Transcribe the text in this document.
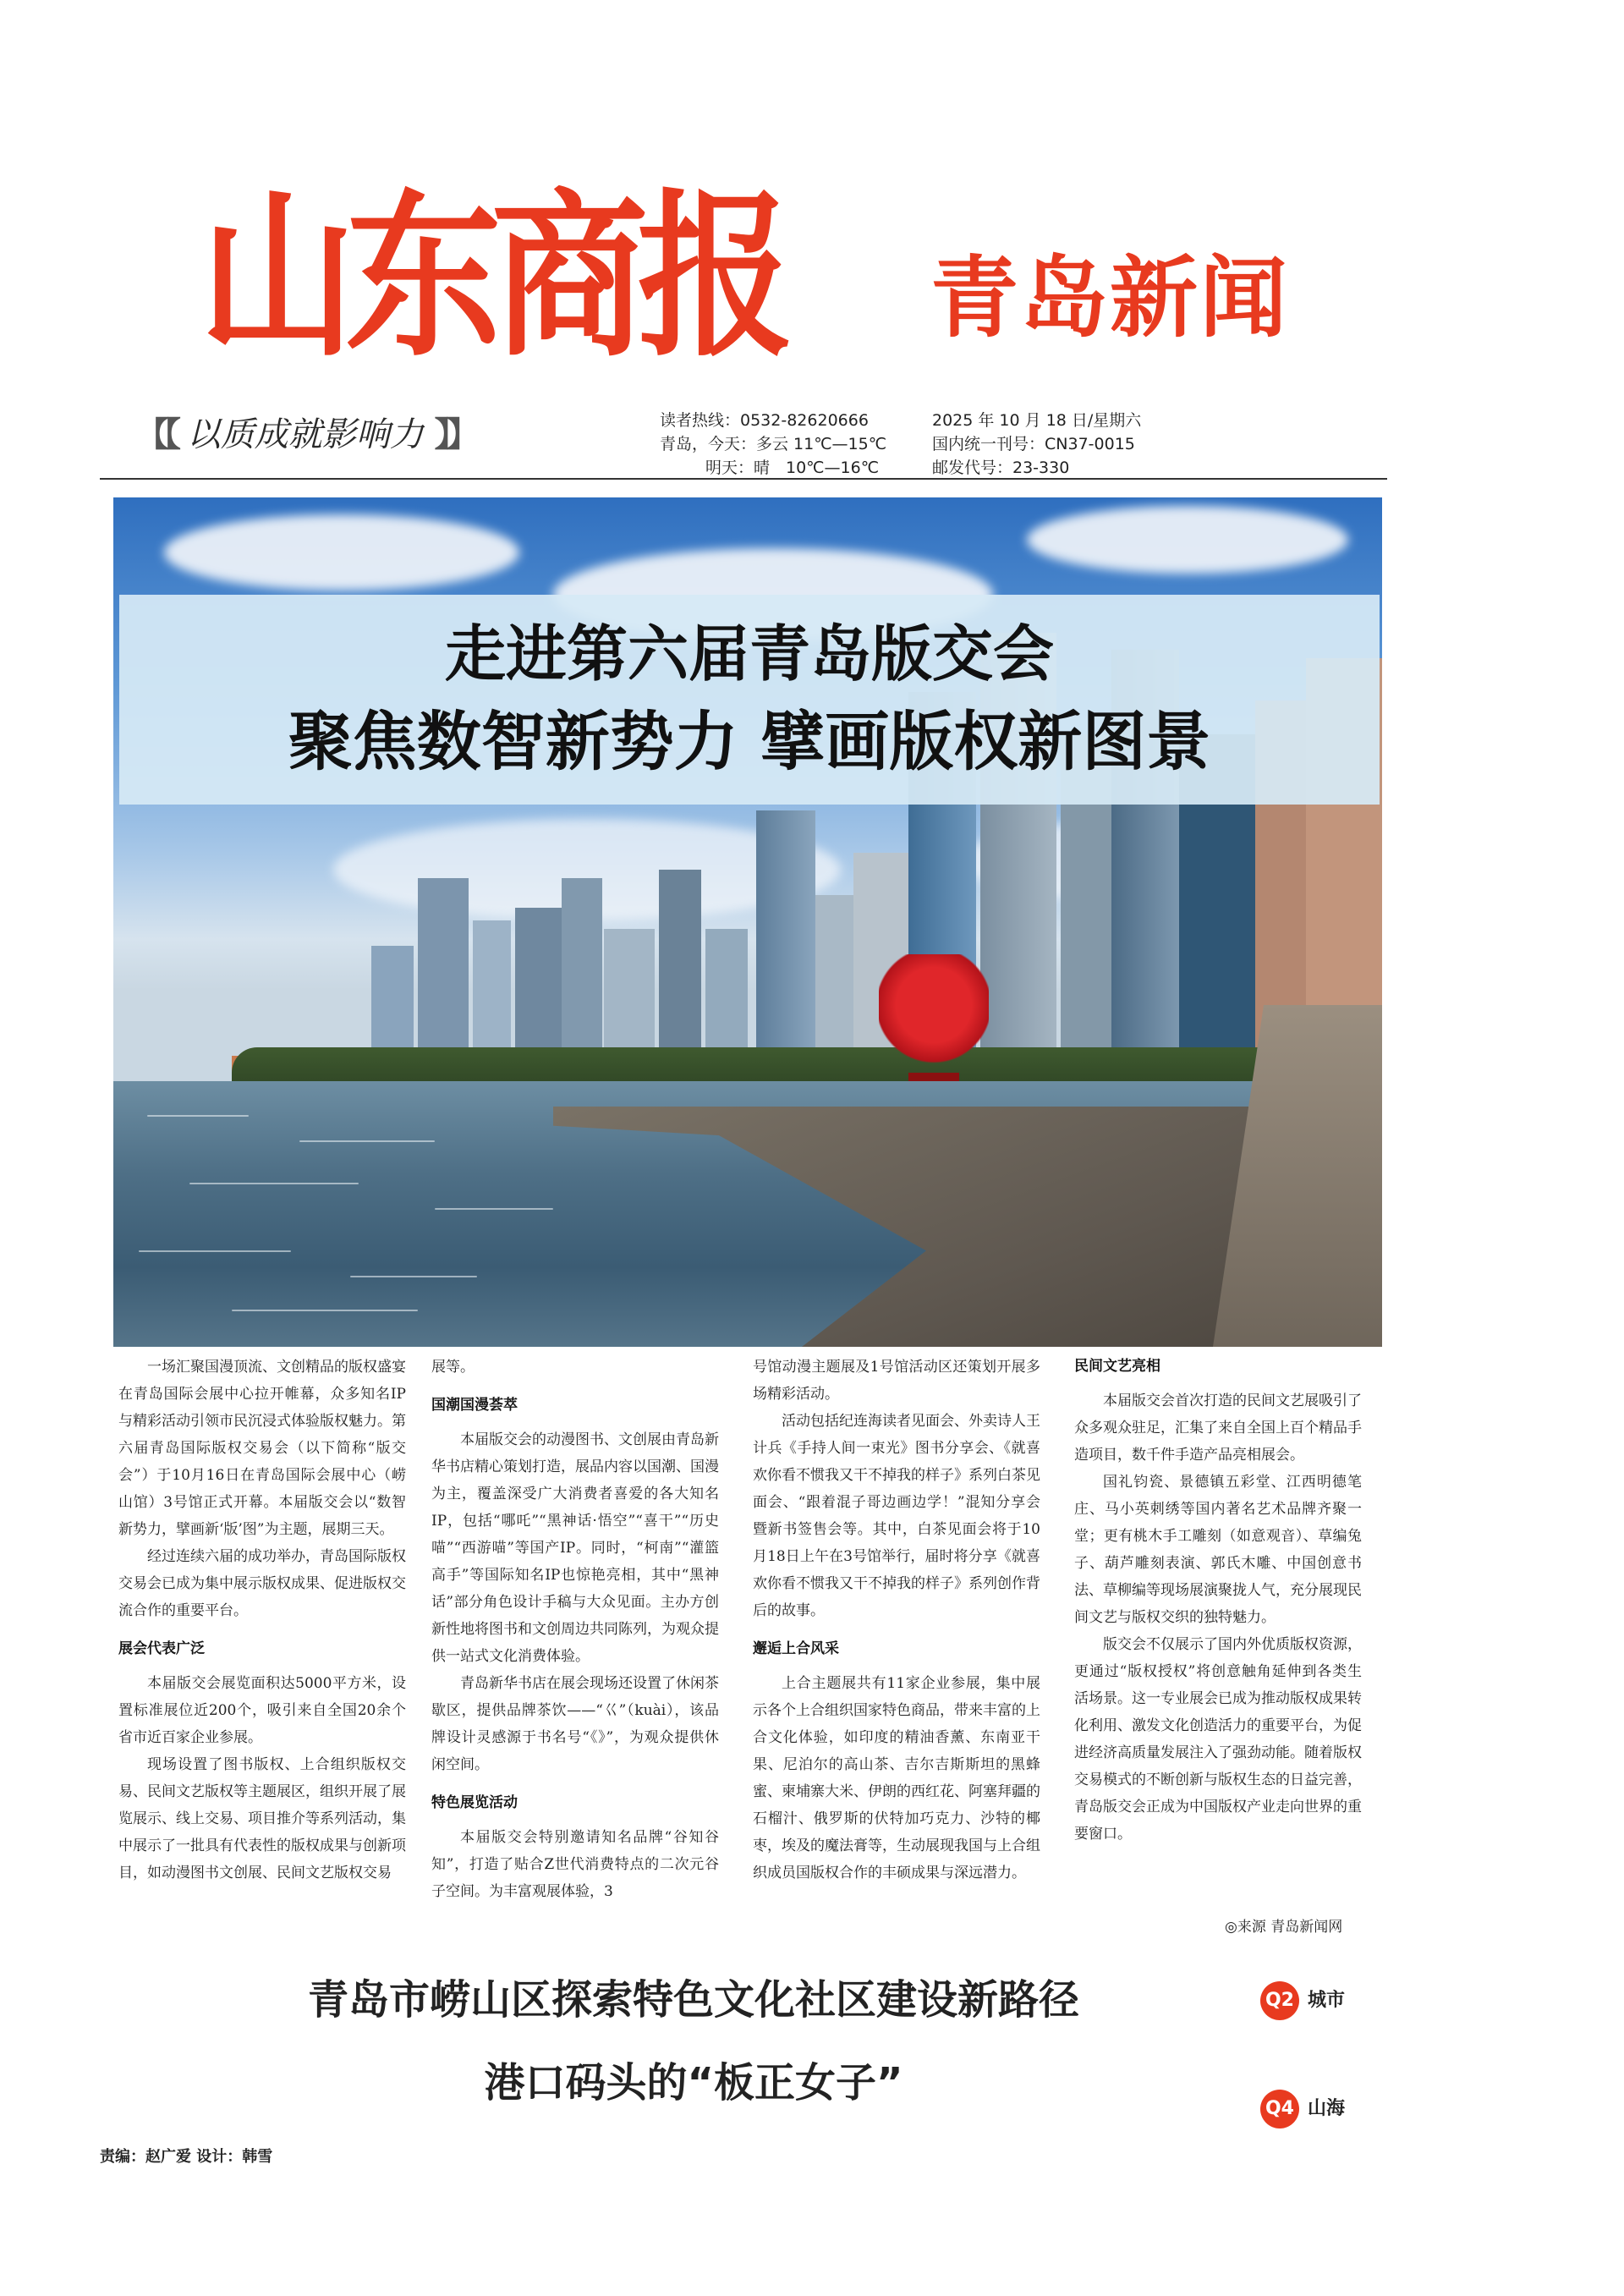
山东商报	青岛新闻
【【 以质成就影响力 】】	读者热线：0532-82620666
青岛，今天：多云 11℃—15℃
明天：晴　10℃—16℃
2025 年 10 月 18 日/星期六
国内统一刊号：CN37-0015
邮发代号：23-330
走进第六届青岛版交会
聚焦数智新势力 擘画版权新图景

一场汇聚国漫顶流、文创精品的版权盛宴在青岛国际会展中心拉开帷幕，众多知名IP与精彩活动引领市民沉浸式体验版权魅力。第六届青岛国际版权交易会（以下简称“版交会”）于10月16日在青岛国际会展中心（崂山馆）3号馆正式开幕。本届版交会以“数智新势力，擘画新‘版’图”为主题，展期三天。

经过连续六届的成功举办，青岛国际版权交易会已成为集中展示版权成果、促进版权交流合作的重要平台。

展会代表广泛

本届版交会展览面积达5000平方米，设置标准展位近200个，吸引来自全国20余个省市近百家企业参展。

现场设置了图书版权、上合组织版权交易、民间文艺版权等主题展区，组织开展了展览展示、线上交易、项目推介等系列活动，集中展示了一批具有代表性的版权成果与创新项目，如动漫图书文创展、民间文艺版权交易

展等。

国潮国漫荟萃

本届版交会的动漫图书、文创展由青岛新华书店精心策划打造，展品内容以国潮、国漫为主，覆盖深受广大消费者喜爱的各大知名IP，包括“哪吒”“黑神话·悟空”“喜干”“历史喵”“西游喵”等国产IP。同时，“柯南”“灌篮高手”等国际知名IP也惊艳亮相，其中“黑神话”部分角色设计手稿与大众见面。主办方创新性地将图书和文创周边共同陈列，为观众提供一站式文化消费体验。

青岛新华书店在展会现场还设置了休闲茶歇区，提供品牌茶饮——“巜”（kuài），该品牌设计灵感源于书名号“《》”，为观众提供休闲空间。

特色展览活动

本届版交会特别邀请知名品牌“谷知谷知”，打造了贴合Z世代消费特点的二次元谷子空间。为丰富观展体验，3

号馆动漫主题展及1号馆活动区还策划开展多场精彩活动。

活动包括纪连海读者见面会、外卖诗人王计兵《手持人间一束光》图书分享会、《就喜欢你看不惯我又干不掉我的样子》系列白茶见面会、“跟着混子哥边画边学！”混知分享会暨新书签售会等。其中，白茶见面会将于10月18日上午在3号馆举行，届时将分享《就喜欢你看不惯我又干不掉我的样子》系列创作背后的故事。

邂逅上合风采

上合主题展共有11家企业参展，集中展示各个上合组织国家特色商品，带来丰富的上合文化体验，如印度的精油香薰、东南亚干果、尼泊尔的高山茶、吉尔吉斯斯坦的黑蜂蜜、柬埔寨大米、伊朗的西红花、阿塞拜疆的石榴汁、俄罗斯的伏特加巧克力、沙特的椰枣，埃及的魔法膏等，生动展现我国与上合组织成员国版权合作的丰硕成果与深远潜力。

民间文艺亮相

本届版交会首次打造的民间文艺展吸引了众多观众驻足，汇集了来自全国上百个精品手造项目，数千件手造产品亮相展会。

国礼钧瓷、景德镇五彩堂、江西明德笔庄、马小英刺绣等国内著名艺术品牌齐聚一堂；更有桃木手工雕刻（如意观音）、草编兔子、葫芦雕刻表演、郭氏木雕、中国创意书法、草柳编等现场展演聚拢人气，充分展现民间文艺与版权交织的独特魅力。

版交会不仅展示了国内外优质版权资源，更通过“版权授权”将创意触角延伸到各类生活场景。这一专业展会已成为推动版权成果转化利用、激发文化创造活力的重要平台，为促进经济高质量发展注入了强劲动能。随着版权交易模式的不断创新与版权生态的日益完善，青岛版交会正成为中国版权产业走向世界的重要窗口。

◎来源 青岛新闻网
青岛市崂山区探索特色文化社区建设新路径	Q2 城市
港口码头的“板正女子”
Q4 山海
责编：赵广爱 设计：韩雪
